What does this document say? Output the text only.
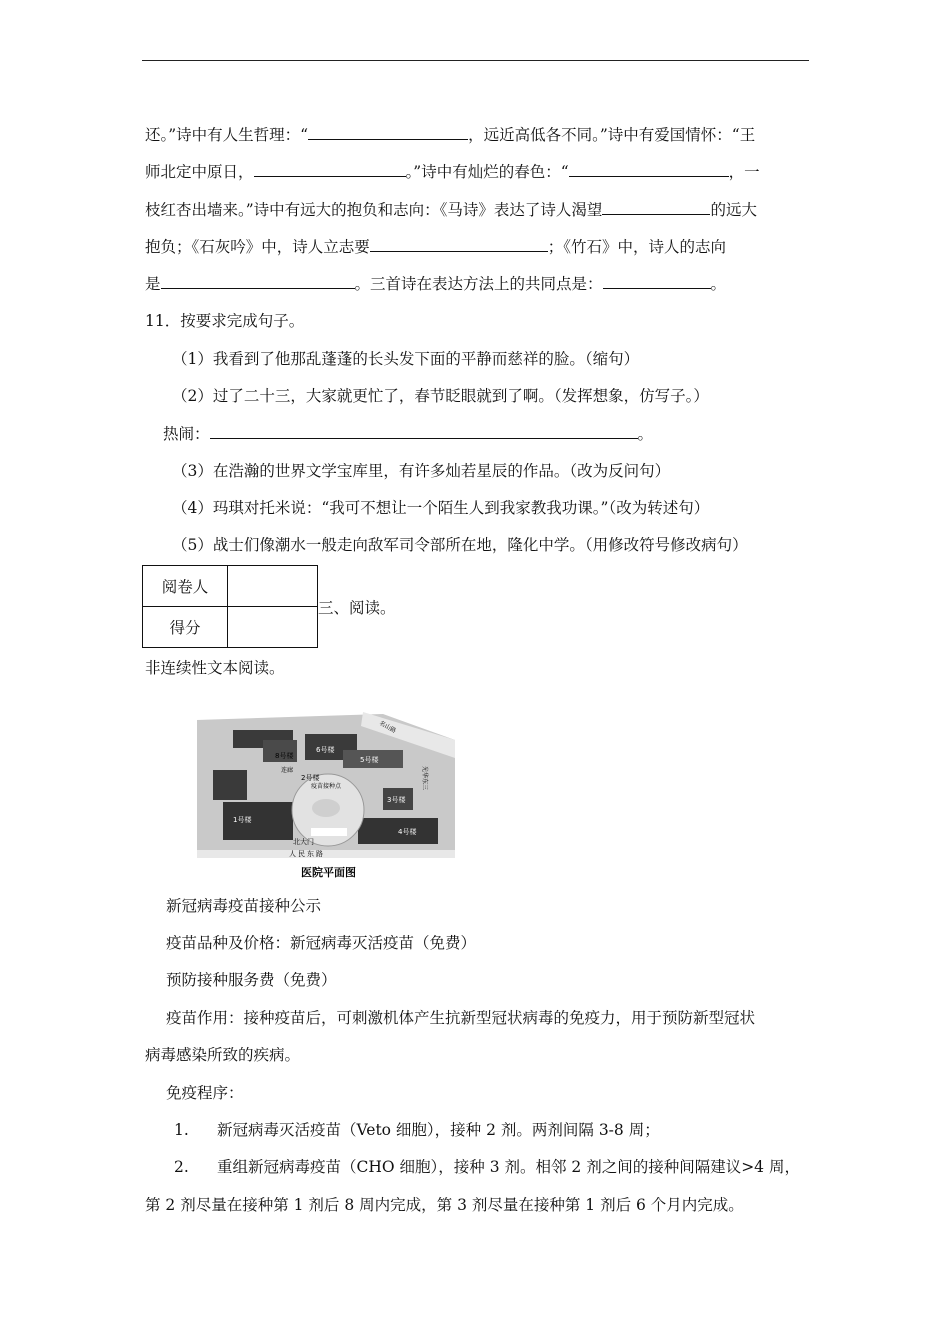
还。”诗中有人生哲理：“	，远近高低各不同。”诗中有爱国情怀：“王
师北定中原日，	。”诗中有灿烂的春色：“	，一
枝红杏出墙来。”诗中有远大的抱负和志向：《马诗》表达了诗人渴望	的远大
抱负；《石灰吟》中，诗人立志要	；《竹石》中，诗人的志向
是	。三首诗在表达方法上的共同点是：	。
11．按要求完成句子。
（1）我看到了他那乱蓬蓬的长头发下面的平静而慈祥的脸。（缩句）
（2）过了二十三，大家就更忙了，春节眨眼就到了啊。（发挥想象，仿写子。）
热闹：	。
（3）在浩瀚的世界文学宝库里，有许多灿若星辰的作品。（改为反问句）
（4）玛琪对托米说：“我可不想让一个陌生人到我家教我功课。”（改为转述句）
（5）战士们像潮水一般走向敌军司令部所在地，隆化中学。（用修改符号修改病句）
阅卷人	
得分	
三、阅读。
非连续性文本阅读。
8号楼
6号楼
5号楼
2号楼
3号楼
1号楼
4号楼
连廊
疫苗接种点
北大门
人民东路
名山路
光华东三
医院平面图
新冠病毒疫苗接种公示
疫苗品种及价格：新冠病毒灭活疫苗（免费）
预防接种服务费（免费）
疫苗作用：接种疫苗后，可刺激机体产生抗新型冠状病毒的免疫力，用于预防新型冠状
病毒感染所致的疾病。
免疫程序：
1. 新冠病毒灭活疫苗（Veto 细胞），接种 2 剂。两剂间隔 3-8 周；
2. 重组新冠病毒疫苗（CHO 细胞），接种 3 剂。相邻 2 剂之间的接种间隔建议>4 周，
第 2 剂尽量在接种第 1 剂后 8 周内完成，第 3 剂尽量在接种第 1 剂后 6 个月内完成。
